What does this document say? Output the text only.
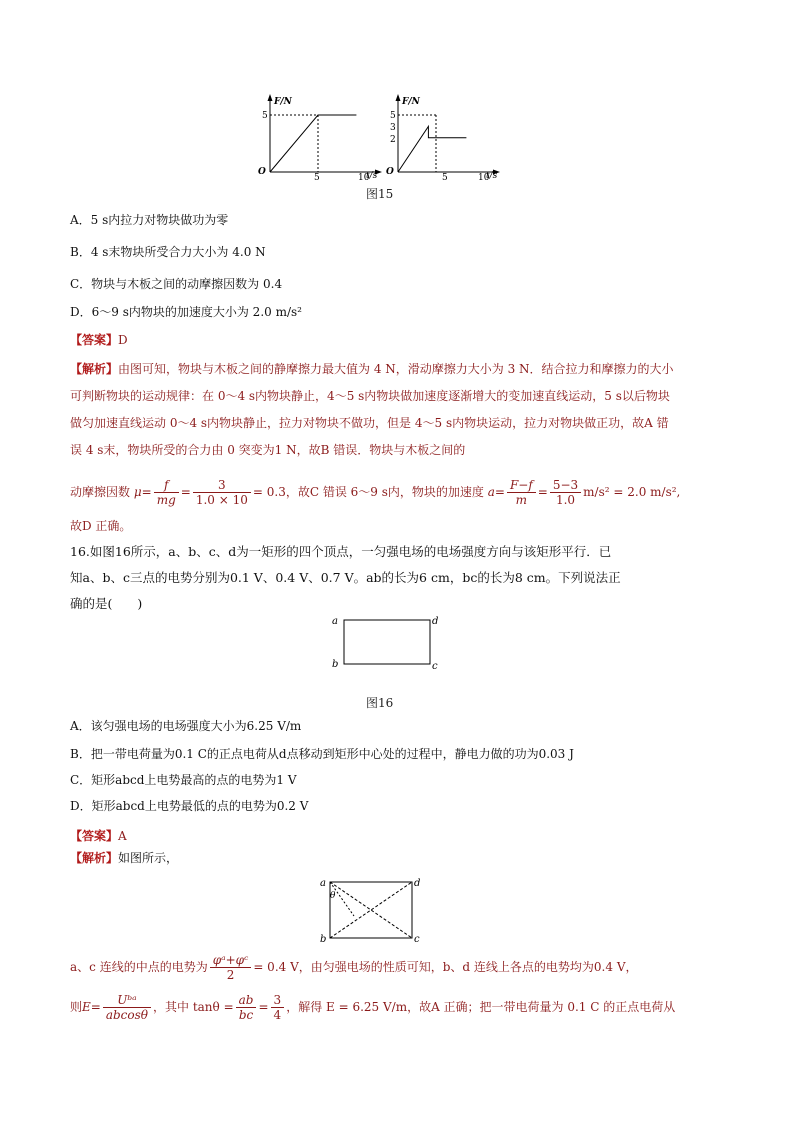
F/N
t/s
O
5
5	10
F/N
t/s
O
5
3
2
5	10
图15
A．5 s内拉力对物块做功为零
B．4 s末物块所受合力大小为 4.0 N
C．物块与木板之间的动摩擦因数为 0.4
D．6～9 s内物块的加速度大小为 2.0 m/s²
【答案】D
【解析】由图可知，物块与木板之间的静摩擦力最大值为 4 N，滑动摩擦力大小为 3 N．结合拉力和摩擦力的大小可判断物块的运动规律：在 0～4 s内物块静止，4～5 s内物块做加速度逐渐增大的变加速直线运动，5 s以后物块做匀加速直线运动 0～4 s内物块静止，拉力对物块不做功，但是 4～5 s内物块运动，拉力对物块做正功，故A 错误 4 s末，物块所受的合力由 0 突变为1 N，故B 错误．物块与木板之间的
动摩擦因数 $\mu= \frac{f}{mg} = \frac{3}{1.0 \times 10} = 0.3$，故C 错误 6～9 s内，物块的加速度 $a= \frac{F-f}{m} = \frac{5-3}{1.0} m/s^2 = 2.0$ m/s²,
故D 正确。
16.如图16所示，a、b、c、d为一矩形的四个顶点，一匀强电场的电场强度方向与该矩形平行．已
知a、b、c三点的电势分别为0.1 V、0.4 V、0.7 V。ab的长为6 cm，bc的长为8 cm。下列说法正
确的是(　　)
a
b	c
d
图16
A．该匀强电场的电场强度大小为6.25 V/m
B．把一带电荷量为0.1 C的正点电荷从d点移动到矩形中心处的过程中，静电力做的功为0.03 J
C．矩形abcd上电势最高的点的电势为1 V
D．矩形abcd上电势最低的点的电势为0.2 V
【答案】A
【解析】如图所示，
a
b	c
d
θ
a、c 连线的中点的电势为 $\frac{\text{φᵃ+φᶜ}}{2} = 0.4$ V，由匀强电场的性质可知，b、d 连线上各点的电势均为0.4 V，
则$E= \frac{\text{Uᵇᵃ}}{abcos\theta}$ ，其中 $\tan\theta = \frac{ab}{bc} = \frac{3}{4}$ ，解得 E = 6.25 V/m，故A 正确；把一带电荷量为 0.1 C 的正点电荷从
